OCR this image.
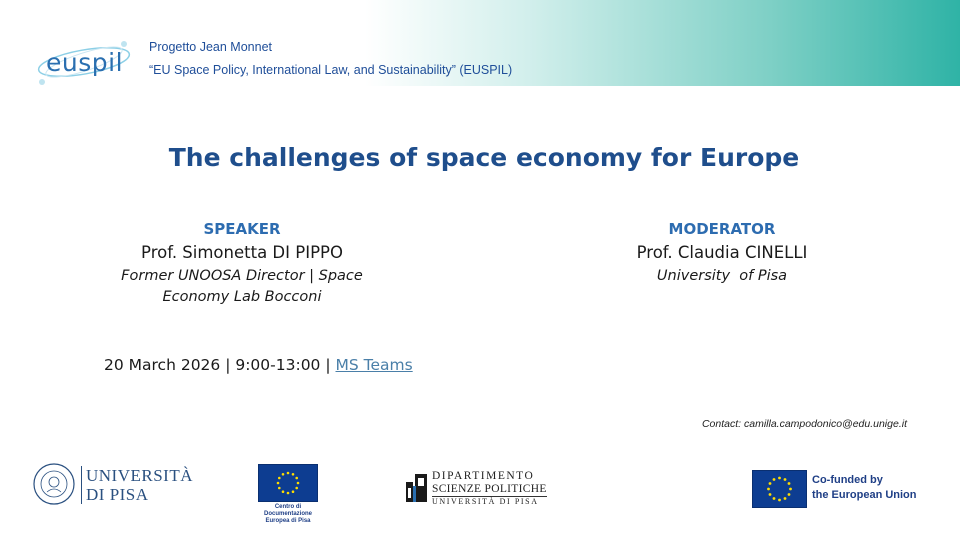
euspil
Progetto Jean Monnet
“EU Space Policy, International Law, and Sustainability” (EUSPIL)
The challenges of space economy for Europe
SPEAKER
Prof. Simonetta DI PIPPO
Former UNOOSA Director | Space
Economy Lab Bocconi
MODERATOR
Prof. Claudia CINELLI
University  of Pisa
20 March 2026 | 9:00-13:00 | MS Teams
Contact: camilla.campodonico@edu.unige.it
UNIVERSITÀ
DI PISA
Centro di
Documentazione
Europea di Pisa
DIPARTIMENTO
SCIENZE POLITICHE
UNIVERSITÀ DI PISA
Co-funded by
the European Union
